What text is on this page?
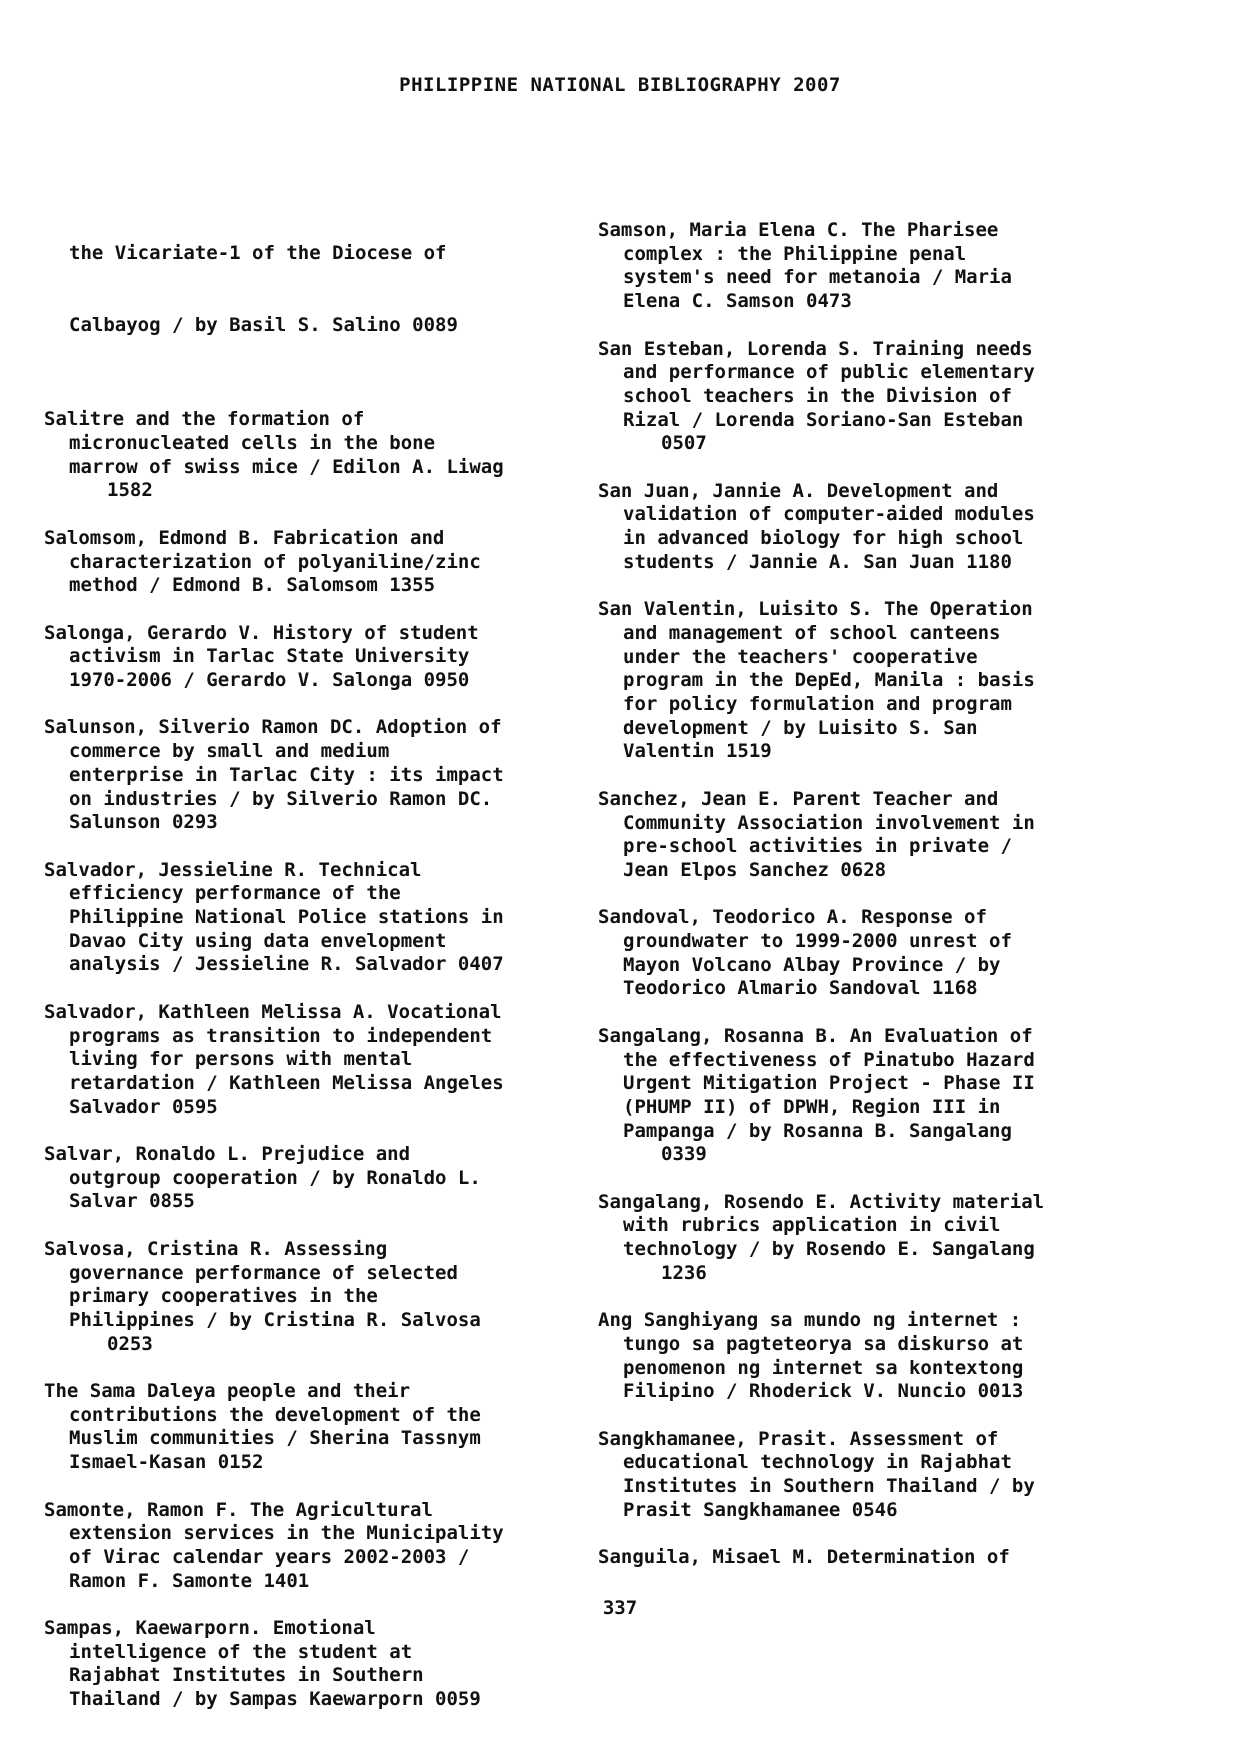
PHILIPPINE NATIONAL BIBLIOGRAPHY 2007

the Vicariate-1 of the Diocese of

Calbayog / by Basil S. Salino 0089

Salitre and the formation of
micronucleated cells in the bone
marrow of swiss mice / Edilon A. Liwag
1582
Salomsom, Edmond B. Fabrication and
characterization of polyaniline/zinc
method / Edmond B. Salomsom 1355
Salonga, Gerardo V. History of student
activism in Tarlac State University
1970-2006 / Gerardo V. Salonga 0950
Salunson, Silverio Ramon DC. Adoption of
commerce by small and medium
enterprise in Tarlac City : its impact
on industries / by Silverio Ramon DC.
Salunson 0293
Salvador, Jessieline R. Technical
efficiency performance of the
Philippine National Police stations in
Davao City using data envelopment
analysis / Jessieline R. Salvador 0407
Salvador, Kathleen Melissa A. Vocational
programs as transition to independent
living for persons with mental
retardation / Kathleen Melissa Angeles
Salvador 0595
Salvar, Ronaldo L. Prejudice and
outgroup cooperation / by Ronaldo L.
Salvar 0855
Salvosa, Cristina R. Assessing
governance performance of selected
primary cooperatives in the
Philippines / by Cristina R. Salvosa
0253
The Sama Daleya people and their
contributions the development of the
Muslim communities / Sherina Tassnym
Ismael-Kasan 0152
Samonte, Ramon F. The Agricultural
extension services in the Municipality
of Virac calendar years 2002-2003 /
Ramon F. Samonte 1401
Sampas, Kaewarporn. Emotional
intelligence of the student at
Rajabhat Institutes in Southern
Thailand / by Sampas Kaewarporn 0059
Samson, Maria Elena C. The Pharisee
complex : the Philippine penal
system's need for metanoia / Maria
Elena C. Samson 0473
San Esteban, Lorenda S. Training needs
and performance of public elementary
school teachers in the Division of
Rizal / Lorenda Soriano-San Esteban
0507
San Juan, Jannie A. Development and
validation of computer-aided modules
in advanced biology for high school
students / Jannie A. San Juan 1180
San Valentin, Luisito S. The Operation
and management of school canteens
under the teachers' cooperative
program in the DepEd, Manila : basis
for policy formulation and program
development / by Luisito S. San
Valentin 1519
Sanchez, Jean E. Parent Teacher and
Community Association involvement in
pre-school activities in private /
Jean Elpos Sanchez 0628
Sandoval, Teodorico A. Response of
groundwater to 1999-2000 unrest of
Mayon Volcano Albay Province / by
Teodorico Almario Sandoval 1168
Sangalang, Rosanna B. An Evaluation of
the effectiveness of Pinatubo Hazard
Urgent Mitigation Project - Phase II
(PHUMP II) of DPWH, Region III in
Pampanga / by Rosanna B. Sangalang
0339
Sangalang, Rosendo E. Activity material
with rubrics application in civil
technology / by Rosendo E. Sangalang
1236
Ang Sanghiyang sa mundo ng internet :
tungo sa pagteteorya sa diskurso at
penomenon ng internet sa kontextong
Filipino / Rhoderick V. Nuncio 0013
Sangkhamanee, Prasit. Assessment of
educational technology in Rajabhat
Institutes in Southern Thailand / by
Prasit Sangkhamanee 0546
Sanguila, Misael M. Determination of
337
